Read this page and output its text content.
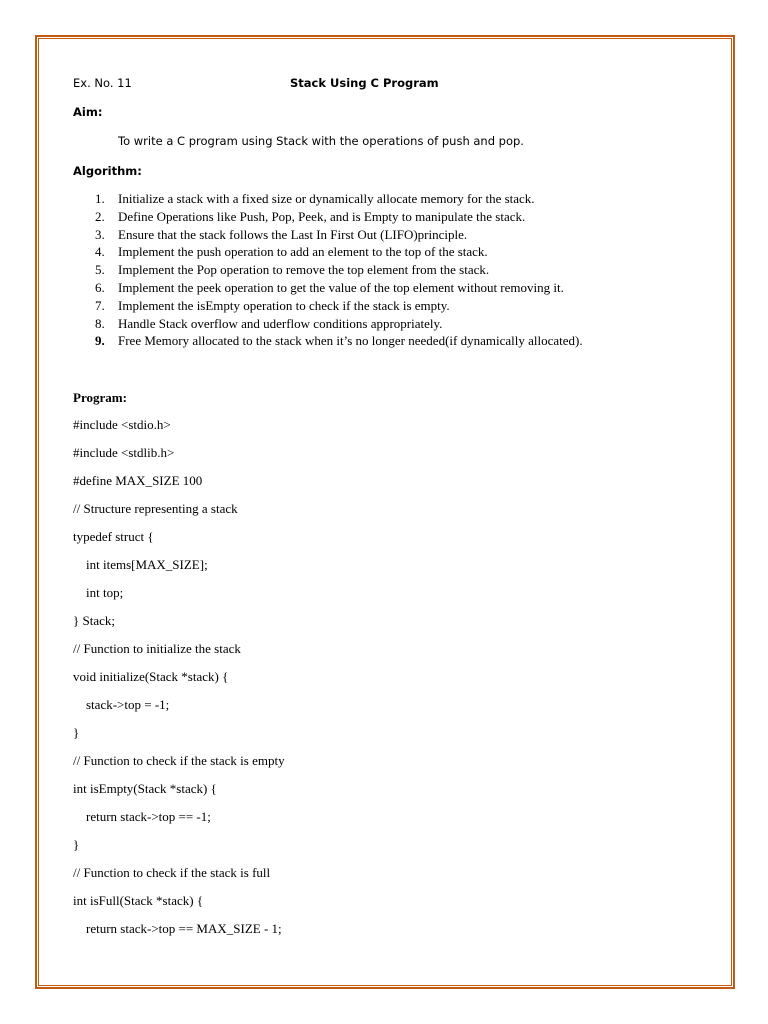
Ex. No. 11	Stack Using C Program
Aim:
To write a C program using Stack with the operations of push and pop.
Algorithm:
1.	Initialize a stack with a fixed size or dynamically allocate memory for the stack.
2.	Define Operations like Push, Pop, Peek, and is Empty to manipulate the stack.
3.	Ensure that the stack follows the Last In First Out (LIFO)principle.
4.	Implement the push operation to add an element to the top of the stack.
5.	Implement the Pop operation to remove the top element from the stack.
6.	Implement the peek operation to get the value of the top element without removing it.
7.	Implement the isEmpty operation to check if the stack is empty.
8.	Handle Stack overflow and uderflow conditions appropriately.
9.	Free Memory allocated to the stack when it’s no longer needed(if dynamically allocated).
Program:
#include <stdio.h>
#include <stdlib.h>
#define MAX_SIZE 100
// Structure representing a stack
typedef struct {
int items[MAX_SIZE];
int top;
} Stack;
// Function to initialize the stack
void initialize(Stack *stack) {
stack->top = -1;
}
// Function to check if the stack is empty
int isEmpty(Stack *stack) {
return stack->top == -1;
}
// Function to check if the stack is full
int isFull(Stack *stack) {
return stack->top == MAX_SIZE - 1;
